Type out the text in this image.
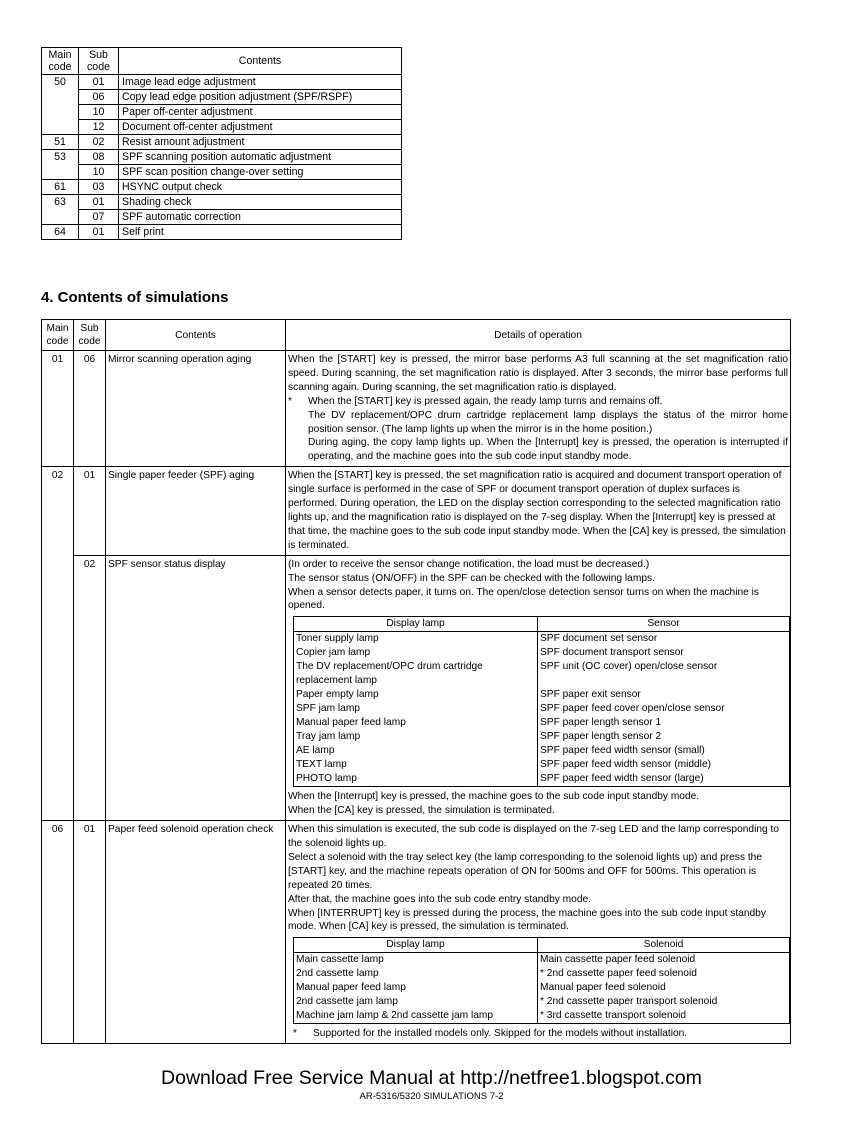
Main code	Sub code	Contents
50	01	Image lead edge adjustment
	06	Copy lead edge position adjustment (SPF/RSPF)
	10	Paper off-center adjustment
	12	Document off-center adjustment
51	02	Resist amount adjustment
53	08	SPF scanning position automatic adjustment
	10	SPF scan position change-over setting
61	03	HSYNC output check
63	01	Shading check
	07	SPF automatic correction
64	01	Self print
4. Contents of simulations
Main code	Sub code	Contents	Details of operation
01	06	Mirror scanning operation aging	When the [START] key is pressed, the mirror base performs A3 full scanning at the set magnification ratio speed. During scanning, the set magnification ratio is displayed. After 3 seconds, the mirror base performs full scanning again. During scanning, the set magnification ratio is displayed.

* When the [START] key is pressed again, the ready lamp turns and remains off.

The DV replacement/OPC drum cartridge replacement lamp displays the status of the mirror home position sensor. (The lamp lights up when the mirror is in the home position.)

During aging, the copy lamp lights up. When the [Interrupt] key is pressed, the operation is interrupted if operating, and the machine goes into the sub code input standby mode.

02	01	Single paper feeder (SPF) aging	When the [START] key is pressed, the set magnification ratio is acquired and document transport operation of single surface is performed in the case of SPF or document transport operation of duplex surfaces is performed. During operation, the LED on the display section corresponding to the selected magnification ratio lights up, and the magnification ratio is displayed on the 7-seg display. When the [Interrupt] key is pressed at that time, the machine goes to the sub code input standby mode. When the [CA] key is pressed, the simulation is terminated.

	02	SPF sensor status display	(In order to receive the sensor change notification, the load must be decreased.)

The sensor status (ON/OFF) in the SPF can be checked with the following lamps.

When a sensor detects paper, it turns on. The open/close detection sensor turns on when the machine is opened.

Display lamp	Sensor
Toner supply lamp	SPF document set sensor
Copier jam lamp	SPF document transport sensor
The DV replacement/OPC drum cartridge replacement lamp	SPF unit (OC cover) open/close sensor
Paper empty lamp	SPF paper exit sensor
SPF jam lamp	SPF paper feed cover open/close sensor
Manual paper feed lamp	SPF paper length sensor 1
Tray jam lamp	SPF paper length sensor 2
AE lamp	SPF paper feed width sensor (small)
TEXT lamp	SPF paper feed width sensor (middle)
PHOTO lamp	SPF paper feed width sensor (large)

When the [Interrupt] key is pressed, the machine goes to the sub code input standby mode.

When the [CA] key is pressed, the simulation is terminated.

06	01	Paper feed solenoid operation check	When this simulation is executed, the sub code is displayed on the 7-seg LED and the lamp corresponding to the solenoid lights up.

Select a solenoid with the tray select key (the lamp corresponding to the solenoid lights up) and press the [START] key, and the machine repeats operation of ON for 500ms and OFF for 500ms. This operation is repeated 20 times.

After that, the machine goes into the sub code entry standby mode.

When [INTERRUPT] key is pressed during the process, the machine goes into the sub code input standby mode. When [CA] key is pressed, the simulation is terminated.

Display lamp	Solenoid
Main cassette lamp	Main cassette paper feed solenoid
2nd cassette lamp	* 2nd cassette paper feed solenoid
Manual paper feed lamp	Manual paper feed solenoid
2nd cassette jam lamp	* 2nd cassette paper transport solenoid
Machine jam lamp & 2nd cassette jam lamp	* 3rd cassette transport solenoid
* Supported for the installed models only. Skipped for the models without installation.
Download Free Service Manual at http://netfree1.blogspot.com
AR-5316/5320 SIMULATIONS 7-2
